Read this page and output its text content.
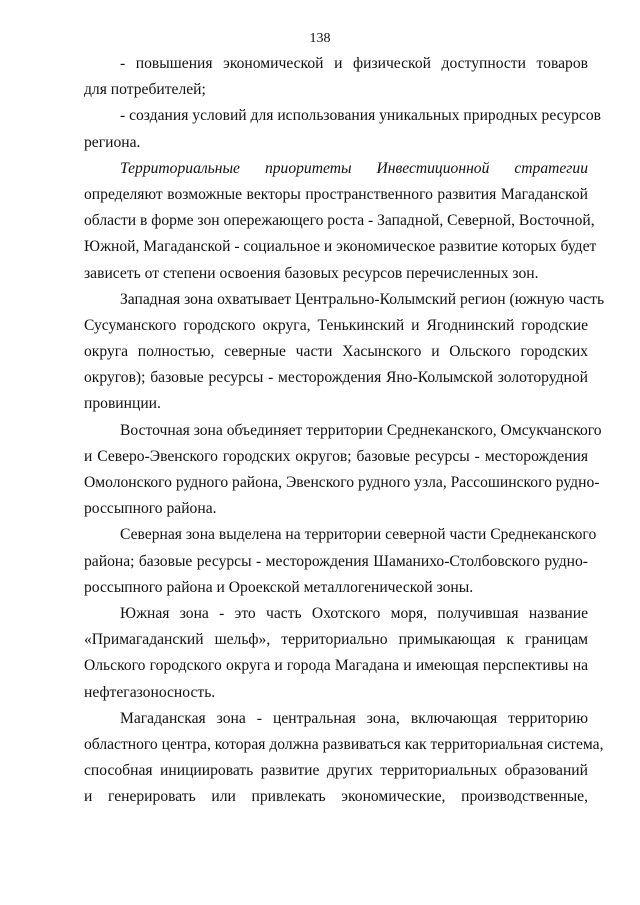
138
- повышения экономической и физической доступности товаров
для потребителей;
- создания условий для использования уникальных природных ресурсов
региона.
Территориальные приоритеты Инвестиционной стратегии
определяют возможные векторы пространственного развития Магаданской
области в форме зон опережающего роста - Западной, Северной, Восточной,
Южной, Магаданской - социальное и экономическое развитие которых будет
зависеть от степени освоения базовых ресурсов перечисленных зон.
Западная зона охватывает Центрально-Колымский регион (южную часть
Сусуманского городского округа, Тенькинский и Ягоднинский городские
округа полностью, северные части Хасынского и Ольского городских
округов); базовые ресурсы - месторождения Яно-Колымской золоторудной
провинции.
Восточная зона объединяет территории Среднеканского, Омсукчанского
и Северо-Эвенского городских округов; базовые ресурсы - месторождения
Омолонского рудного района, Эвенского рудного узла, Рассошинского рудно-
россыпного района.
Северная зона выделена на территории северной части Среднеканского
района; базовые ресурсы - месторождения Шаманихо-Столбовского рудно-
россыпного района и Ороекской металлогенической зоны.
Южная зона - это часть Охотского моря, получившая название
«Примагаданский шельф», территориально примыкающая к границам
Ольского городского округа и города Магадана и имеющая перспективы на
нефтегазоносность.
Магаданская зона - центральная зона, включающая территорию
областного центра, которая должна развиваться как территориальная система,
способная инициировать развитие других территориальных образований
и генерировать или привлекать экономические, производственные,
